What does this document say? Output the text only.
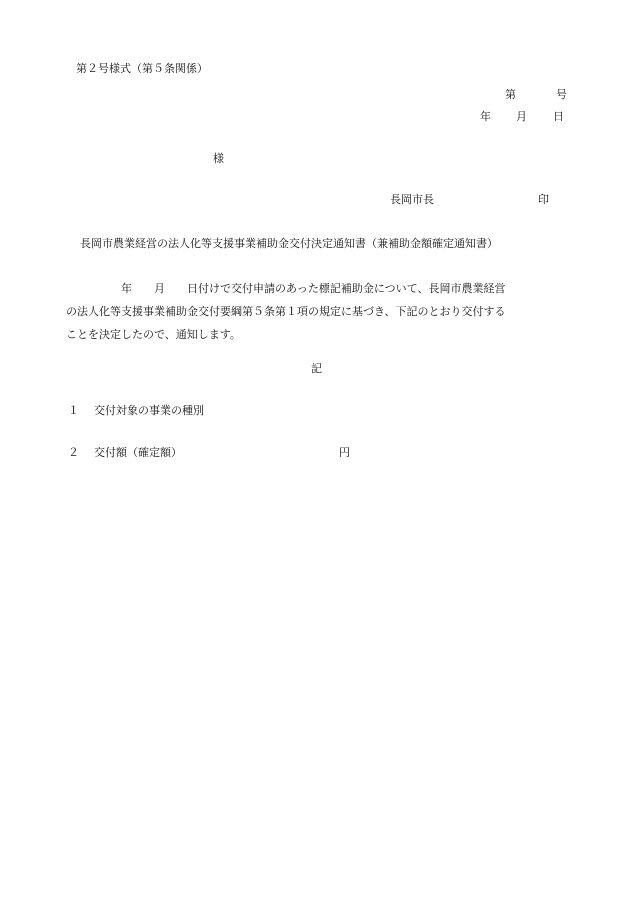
第２号様式（第５条関係）
第	号
年 月 日
様
長岡市長	印
長岡市農業経営の法人化等支援事業補助金交付決定通知書（兼補助金額確定通知書）
　　　　　年　　月　　日付けで交付申請のあった標記補助金について、長岡市農業経営
の法人化等支援事業補助金交付要綱第５条第１項の規定に基づき、下記のとおり交付する
ことを決定したので、通知します。
記
１ 交付対象の事業の種別
２ 交付額（確定額）	円
